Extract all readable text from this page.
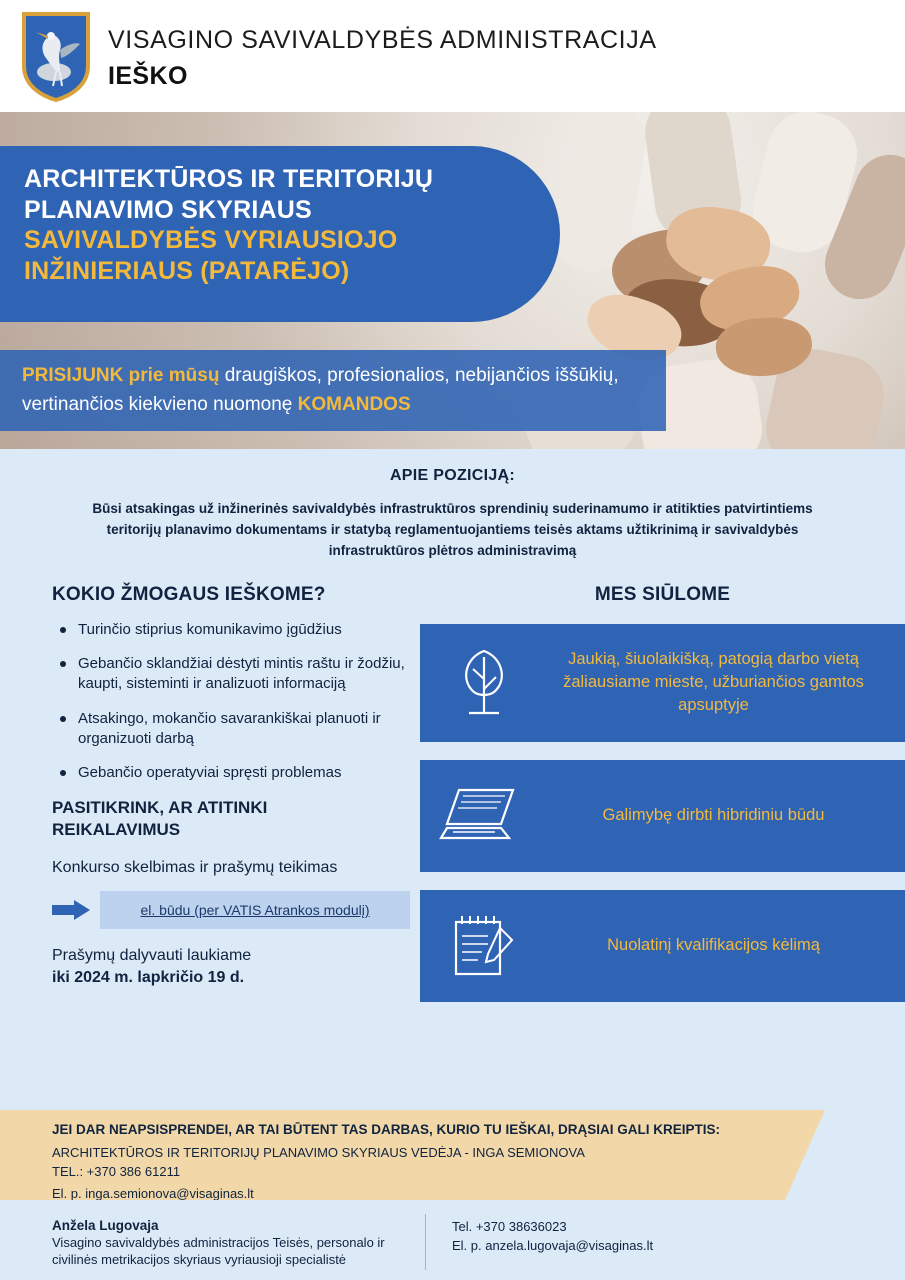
VISAGINO SAVIVALDYBĖS ADMINISTRACIJA
IEŠKO
ARCHITEKTŪROS IR TERITORIJŲ
PLANAVIMO SKYRIAUS
SAVIVALDYBĖS VYRIAUSIOJO
INŽINIERIAUS (PATARĖJO)

PRISIJUNK prie mūsų draugiškos, profesionalios, nebijančios iššūkių, vertinančios kiekvieno nuomonę KOMANDOS

APIE POZICIJĄ:

Būsi atsakingas už inžinerinės savivaldybės infrastruktūros sprendinių suderinamumo ir atitikties patvirtintiems teritorijų planavimo dokumentams ir statybą reglamentuojantiems teisės aktams užtikrinimą ir savivaldybės infrastruktūros plėtros administravimą

KOKIO ŽMOGAUS IEŠKOME?
Turinčio stiprius komunikavimo įgūdžius
Gebančio sklandžiai dėstyti mintis raštu ir žodžiu, kaupti, sisteminti ir analizuoti informaciją
Atsakingo, mokančio savarankiškai planuoti ir organizuoti darbą
Gebančio operatyviai spręsti problemas
PASITIKRINK, AR ATITINKI
REIKALAVIMUS
Konkurso skelbimas ir prašymų teikimas
el. būdu (per VATIS Atrankos modulį)
Prašymų dalyvauti laukiame
iki 2024 m. lapkričio 19 d.
MES SIŪLOME
Jaukią, šiuolaikišką, patogią darbo vietą žaliausiame mieste, užburiančios gamtos apsuptyje
Galimybę dirbti hibridiniu būdu
Nuolatinį kvalifikacijos kėlimą
JEI DAR NEAPSISPRENDEI, AR TAI BŪTENT TAS DARBAS, KURIO TU IEŠKAI, DRĄSIAI GALI KREIPTIS:
ARCHITEKTŪROS IR TERITORIJŲ PLANAVIMO SKYRIAUS VEDĖJA - INGA SEMIONOVA
TEL.: +370 386 61211
El. p. inga.semionova@visaginas.lt
Anžela Lugovaja
Visagino savivaldybės administracijos Teisės, personalo ir civilinės metrikacijos skyriaus vyriausioji specialistė
Tel. +370 38636023
El. p. anzela.lugovaja@visaginas.lt
